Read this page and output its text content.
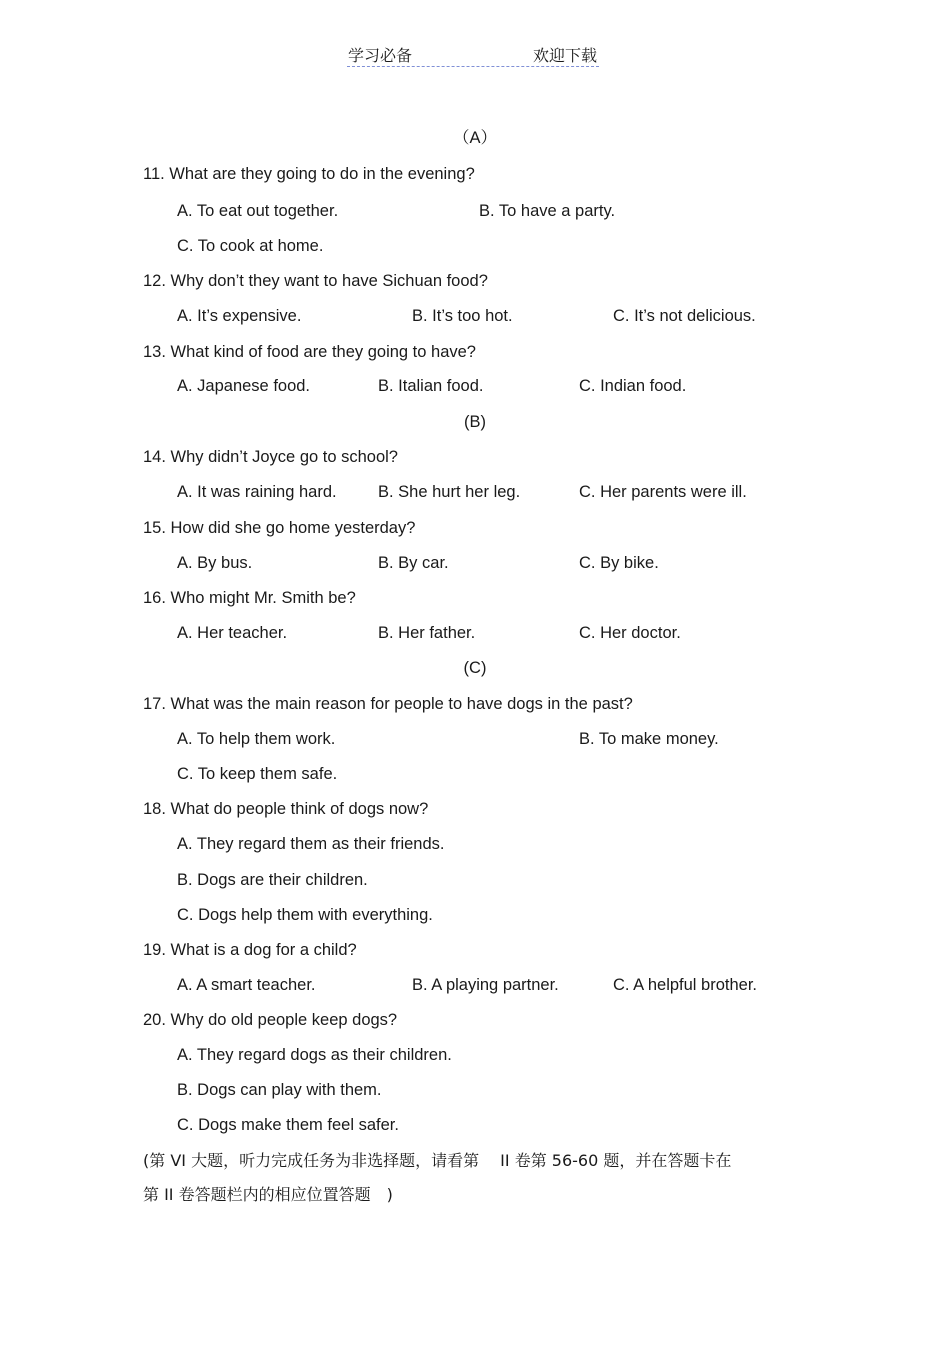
学习必备	欢迎下载
（A）
11. What are they going to do in the evening?
A. To eat out together.	B. To have a party.
C. To cook at home.
12. Why don’t they want to have Sichuan food?
A. It’s expensive.	B. It’s too hot.	C. It’s not delicious.
13. What kind of food are they going to have?
A. Japanese food.	B. Italian food.	C. Indian food.
(B)
14. Why didn’t Joyce go to school?
A. It was raining hard.	B. She hurt her leg.	C. Her parents were ill.
15. How did she go home yesterday?
A. By bus.	B. By car.	C. By bike.
16. Who might Mr. Smith be?
A. Her teacher.	B. Her father.	C. Her doctor.
(C)
17. What was the main reason for people to have dogs in the past?
A. To help them work.	B. To make money.
C. To keep them safe.
18. What do people think of dogs now?
A. They regard them as their friends.
B. Dogs are their children.
C. Dogs help them with everything.
19. What is a dog for a child?
A. A smart teacher.	B. A playing partner.	C. A helpful brother.
20. Why do old people keep dogs?
A. They regard dogs as their children.
B. Dogs can play with them.
C. Dogs make them feel safer.
(第 VI 大题，听力完成任务为非选择题，请看第　 II 卷第 56-60 题，并在答题卡在
第 II 卷答题栏内的相应位置答题　)
